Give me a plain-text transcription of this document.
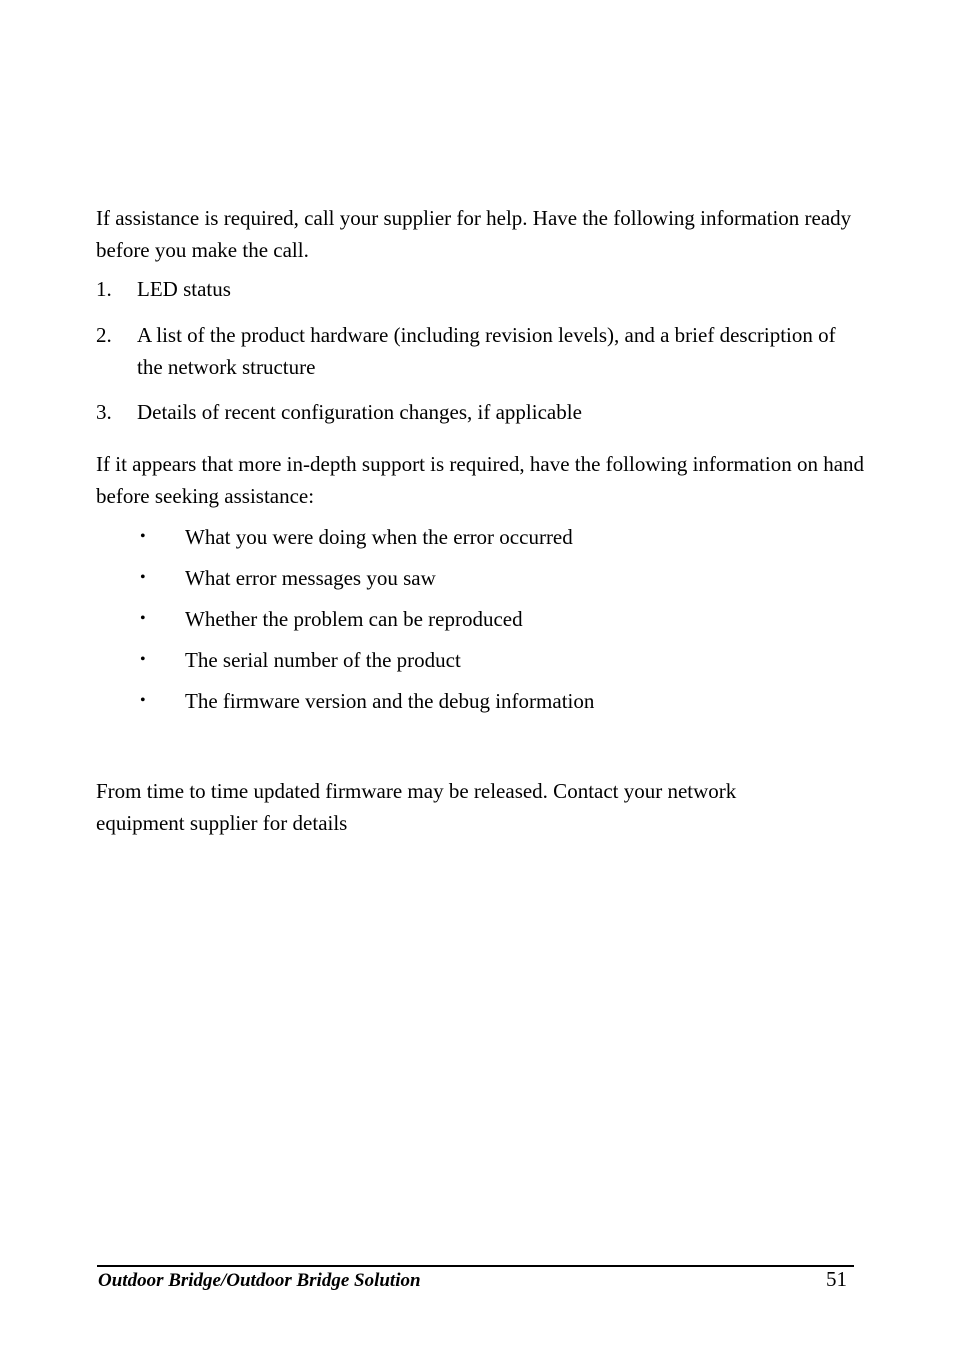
If assistance is required, call your supplier for help. Have the following information ready before you make the call.

1.	LED status
2.	A list of the product hardware (including revision levels), and a brief description of the network structure
3.	Details of recent configuration changes, if applicable

If it appears that more in-depth support is required, have the following information on hand before seeking assistance:

•	What you were doing when the error occurred
•	What error messages you saw
•	Whether the problem can be reproduced
•	The serial number of the product
•	The firmware version and the debug information

From time to time updated firmware may be released. Contact your network equipment supplier for details

Outdoor Bridge/Outdoor Bridge Solution	51
